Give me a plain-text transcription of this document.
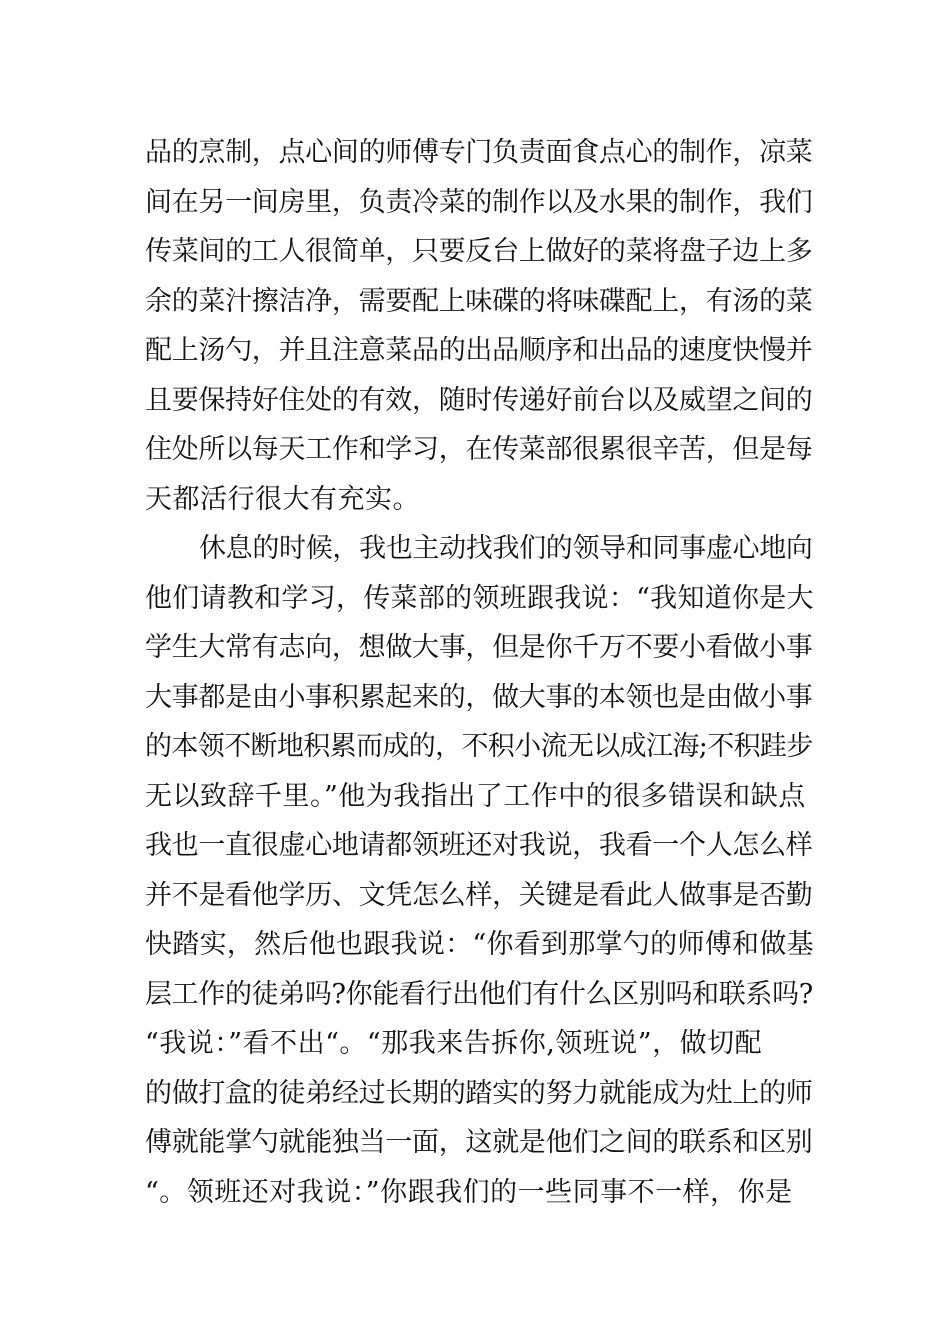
品的烹制，点心间的师傅专门负责面食点心的制作，凉菜
间在另一间房里，负责冷菜的制作以及水果的制作，我们
传菜间的工人很简单，只要反台上做好的菜将盘子边上多
余的菜汁擦洁净，需要配上味碟的将味碟配上，有汤的菜
配上汤勺，并且注意菜品的出品顺序和出品的速度快慢并
且要保持好住处的有效，随时传递好前台以及威望之间的
住处所以每天工作和学习，在传菜部很累很辛苦，但是每
天都活行很大有充实。
休息的时候，我也主动找我们的领导和同事虚心地向
他们请教和学习，传菜部的领班跟我说：“我知道你是大
学生大常有志向，想做大事，但是你千万不要小看做小事
大事都是由小事积累起来的，做大事的本领也是由做小事
的本领不断地积累而成的，不积小流无以成江海;不积跬步
无以致辞千里。”他为我指出了工作中的很多错误和缺点
我也一直很虚心地请都领班还对我说，我看一个人怎么样
并不是看他学历、文凭怎么样，关键是看此人做事是否勤
快踏实，然后他也跟我说：“你看到那掌勺的师傅和做基
层工作的徒弟吗?你能看行出他们有什么区别吗和联系吗?
“我说：”看不出“。“那我来告拆你,领班说”，做切配
的做打盒的徒弟经过长期的踏实的努力就能成为灶上的师
傅就能掌勺就能独当一面，这就是他们之间的联系和区别
“。领班还对我说：”你跟我们的一些同事不一样，你是
